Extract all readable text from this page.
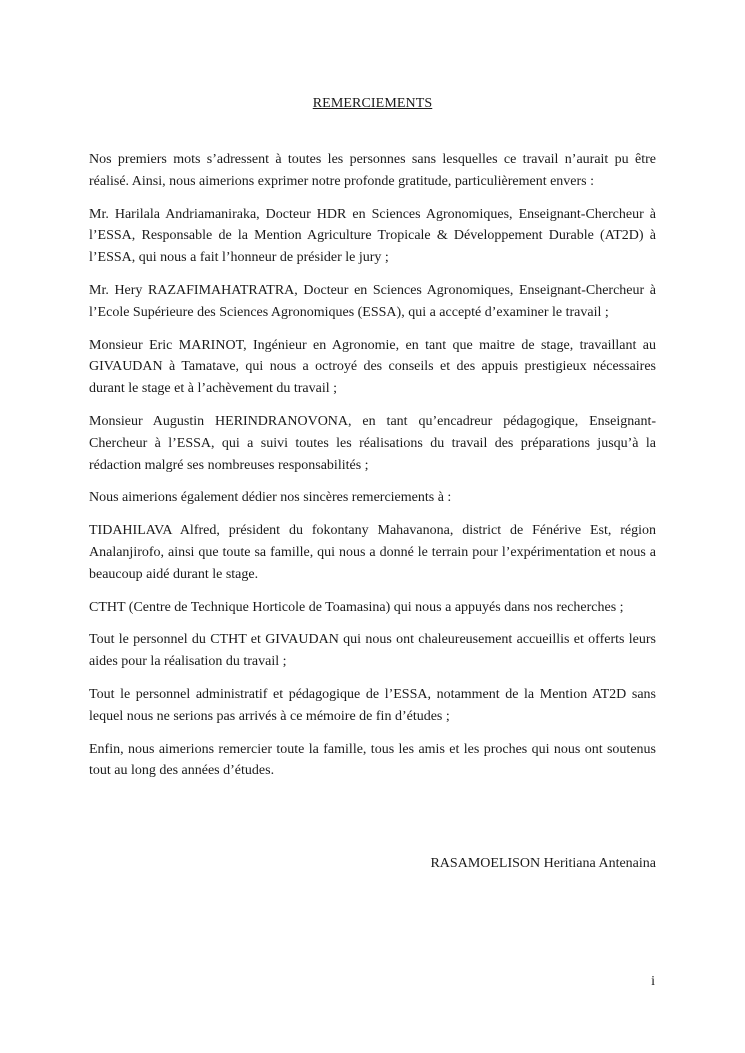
REMERCIEMENTS

Nos premiers mots s’adressent à toutes les personnes sans lesquelles ce travail n’aurait pu être réalisé. Ainsi, nous aimerions exprimer notre profonde gratitude, particulièrement envers :

Mr. Harilala Andriamaniraka, Docteur HDR en Sciences Agronomiques, Enseignant-Chercheur à l’ESSA, Responsable de la Mention Agriculture Tropicale & Développement Durable (AT2D) à l’ESSA, qui nous a fait l’honneur de présider le jury ;

Mr. Hery RAZAFIMAHATRATRA, Docteur en Sciences Agronomiques, Enseignant-Chercheur à l’Ecole Supérieure des Sciences Agronomiques (ESSA), qui a accepté d’examiner le travail ;

Monsieur Eric MARINOT, Ingénieur en Agronomie, en tant que maitre de stage, travaillant au GIVAUDAN à Tamatave, qui nous a octroyé des conseils et des appuis prestigieux nécessaires durant le stage et à l’achèvement du travail ;

Monsieur Augustin HERINDRANOVONA, en tant qu’encadreur pédagogique, Enseignant-Chercheur à l’ESSA, qui a suivi toutes les réalisations du travail des préparations jusqu’à la rédaction malgré ses nombreuses responsabilités ;

Nous aimerions également dédier nos sincères remerciements à :

TIDAHILAVA Alfred, président du fokontany Mahavanona, district de Fénérive Est, région Analanjirofo, ainsi que toute sa famille, qui nous a donné le terrain pour l’expérimentation et nous a beaucoup aidé durant le stage.

CTHT (Centre de Technique Horticole de Toamasina) qui nous a appuyés dans nos recherches ;

Tout le personnel du CTHT et GIVAUDAN qui nous ont chaleureusement accueillis et offerts leurs aides pour la réalisation du travail ;

Tout le personnel administratif et pédagogique de l’ESSA, notamment de la Mention AT2D sans lequel nous ne serions pas arrivés à ce mémoire de fin d’études ;

Enfin, nous aimerions remercier toute la famille, tous les amis et les proches qui nous ont soutenus tout au long des années d’études.

RASAMOELISON Heritiana Antenaina
i
